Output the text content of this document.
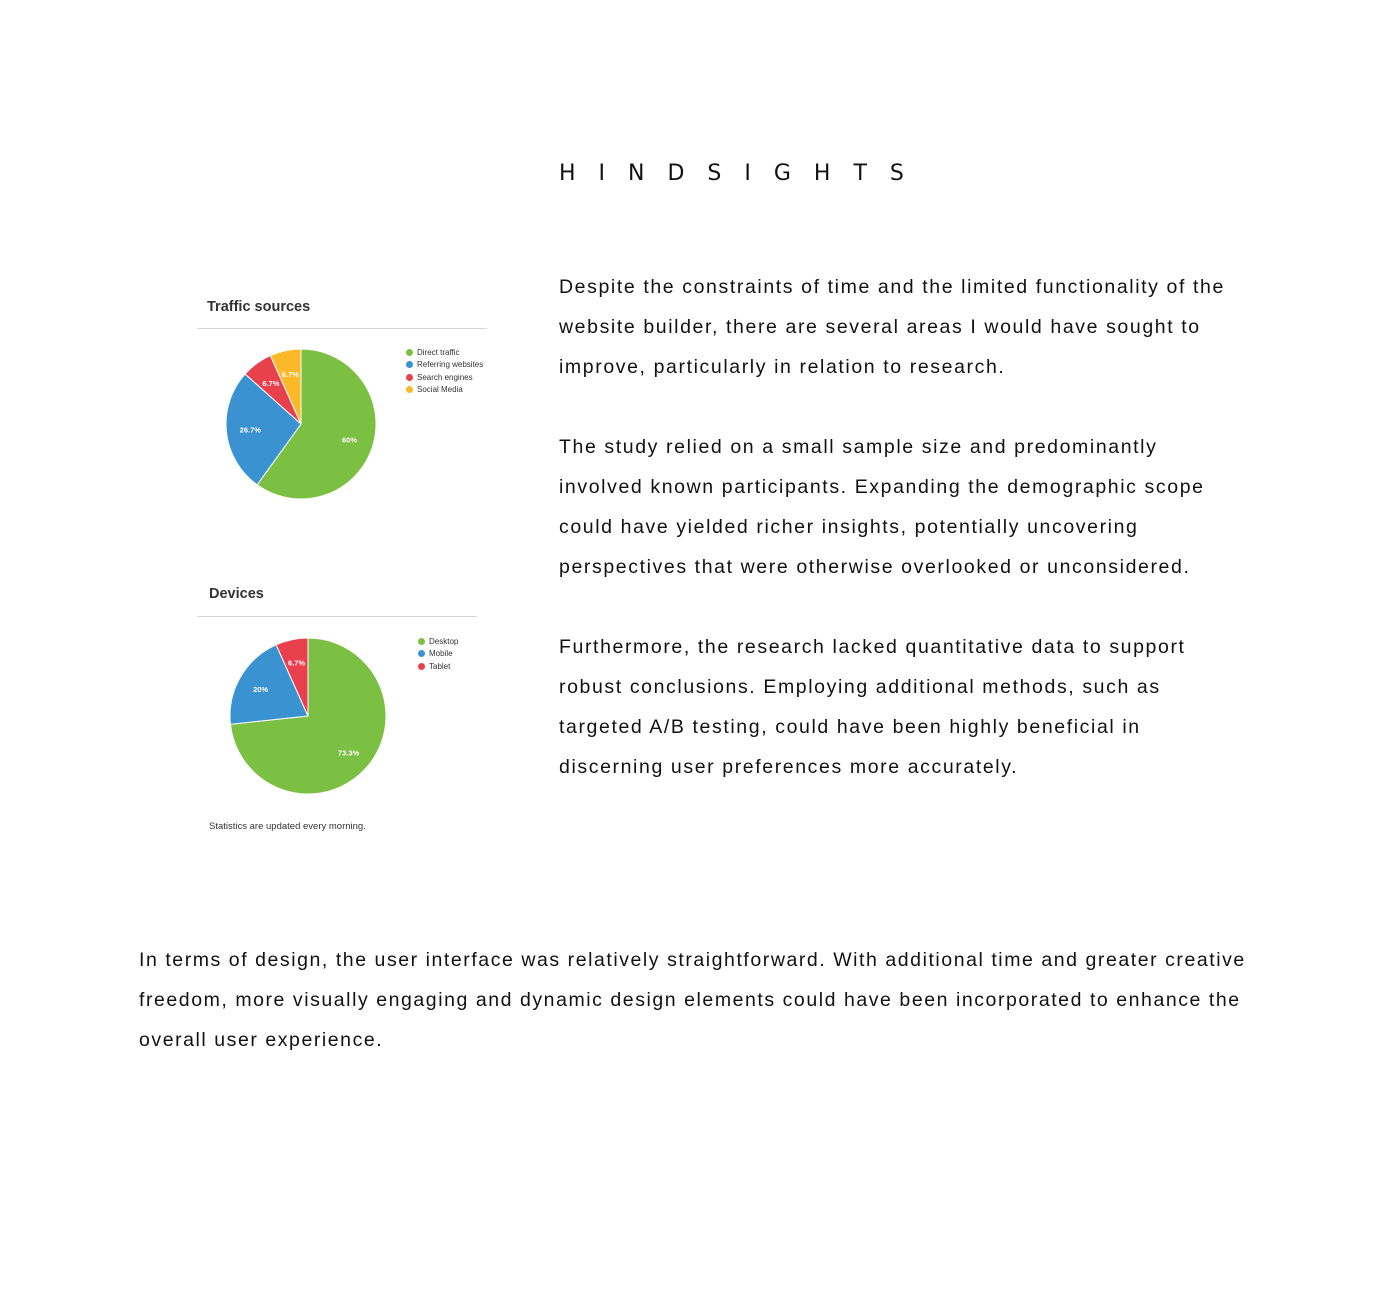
HINDSIGHTS
Traffic sources
60%
26.7%
6.7%
6.7%
Direct traffic
Referring websites
Search engines
Social Media
Devices
73.3%
20%
6.7%
Desktop
Mobile
Tablet
Statistics are updated every morning.

Despite the constraints of time and the limited functionality of the website builder, there are several areas I would have sought to improve, particularly in relation to research.

The study relied on a small sample size and predominantly involved known participants. Expanding the demographic scope could have yielded richer insights, potentially uncovering perspectives that were otherwise overlooked or unconsidered.

Furthermore, the research lacked quantitative data to support robust conclusions. Employing additional methods, such as targeted A/B testing, could have been highly beneficial in discerning user preferences more accurately.

In terms of design, the user interface was relatively straightforward. With additional time and greater creative freedom, more visually engaging and dynamic design elements could have been incorporated to enhance the overall user experience.
